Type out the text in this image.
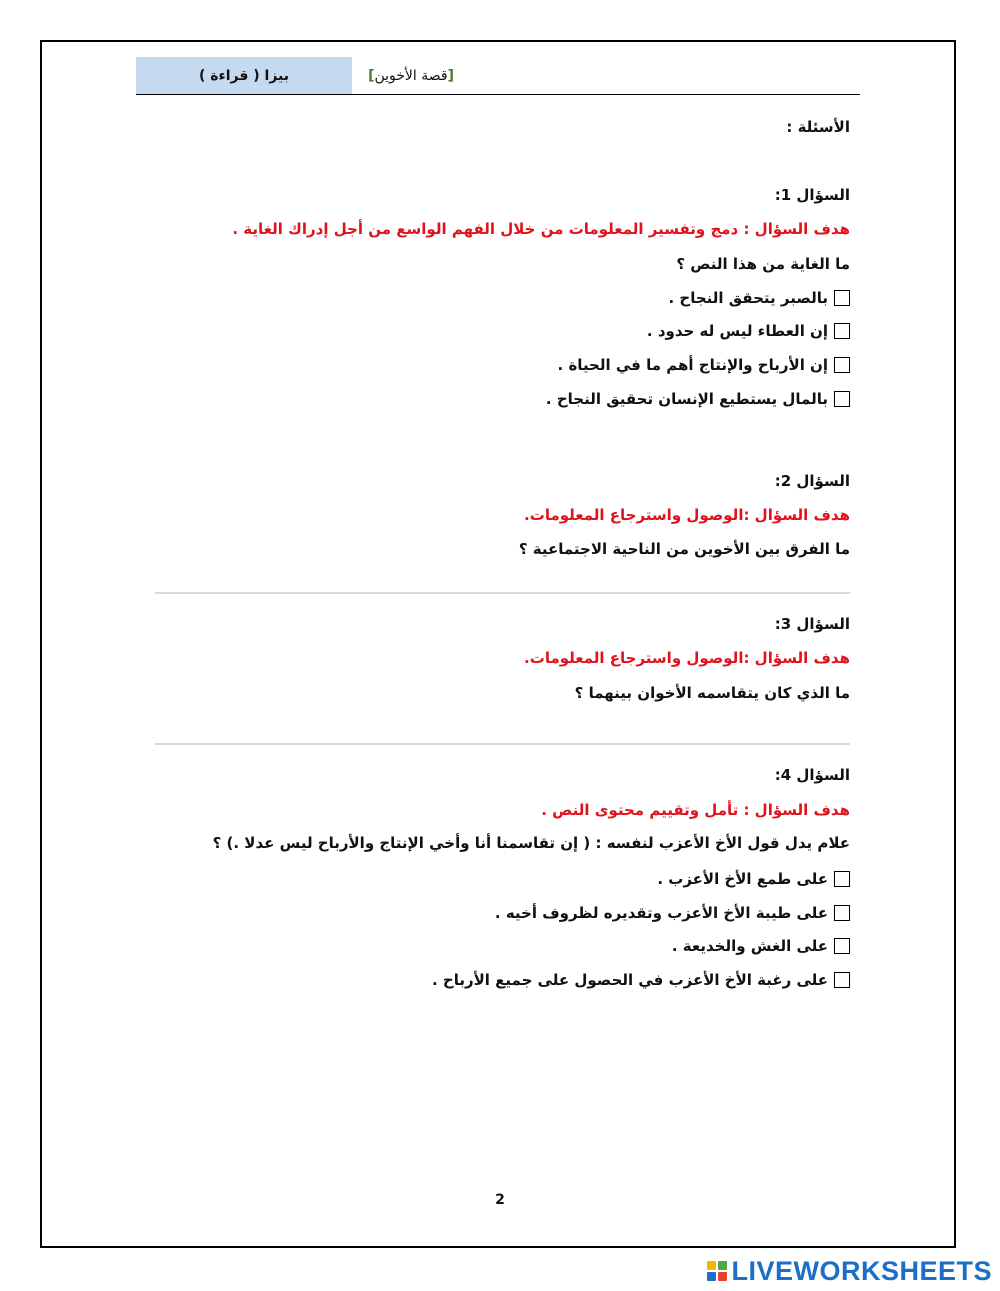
بيزا ( قراءة )	[ قصة الأخوين ]
الأسئلة :
السؤال 1:
هدف السؤال : دمج وتفسير المعلومات من خلال الفهم الواسع من أجل إدراك الغاية .
ما الغاية من هذا النص ؟
بالصبر يتحقق النجاح .
إن العطاء ليس له حدود .
إن الأرباح والإنتاج أهم ما في الحياة .
بالمال يستطيع الإنسان تحقيق النجاح .
السؤال 2:
هدف السؤال :الوصول واسترجاع المعلومات.
ما الفرق بين الأخوين من الناحية الاجتماعية ؟
السؤال 3:
هدف السؤال :الوصول واسترجاع المعلومات.
ما الذي كان يتقاسمه الأخوان بينهما ؟
السؤال 4:
هدف السؤال : تأمل وتقييم محتوى النص .
علام يدل قول الأخ الأعزب لنفسه : ( إن تقاسمنا أنا وأخي الإنتاج والأرباح ليس عدلا .) ؟
على طمع الأخ الأعزب .
على طيبة الأخ الأعزب وتقديره لظروف أخيه .
على الغش والخديعة .
على رغبة الأخ الأعزب في الحصول على جميع الأرباح .
2
LIVEWORKSHEETS
